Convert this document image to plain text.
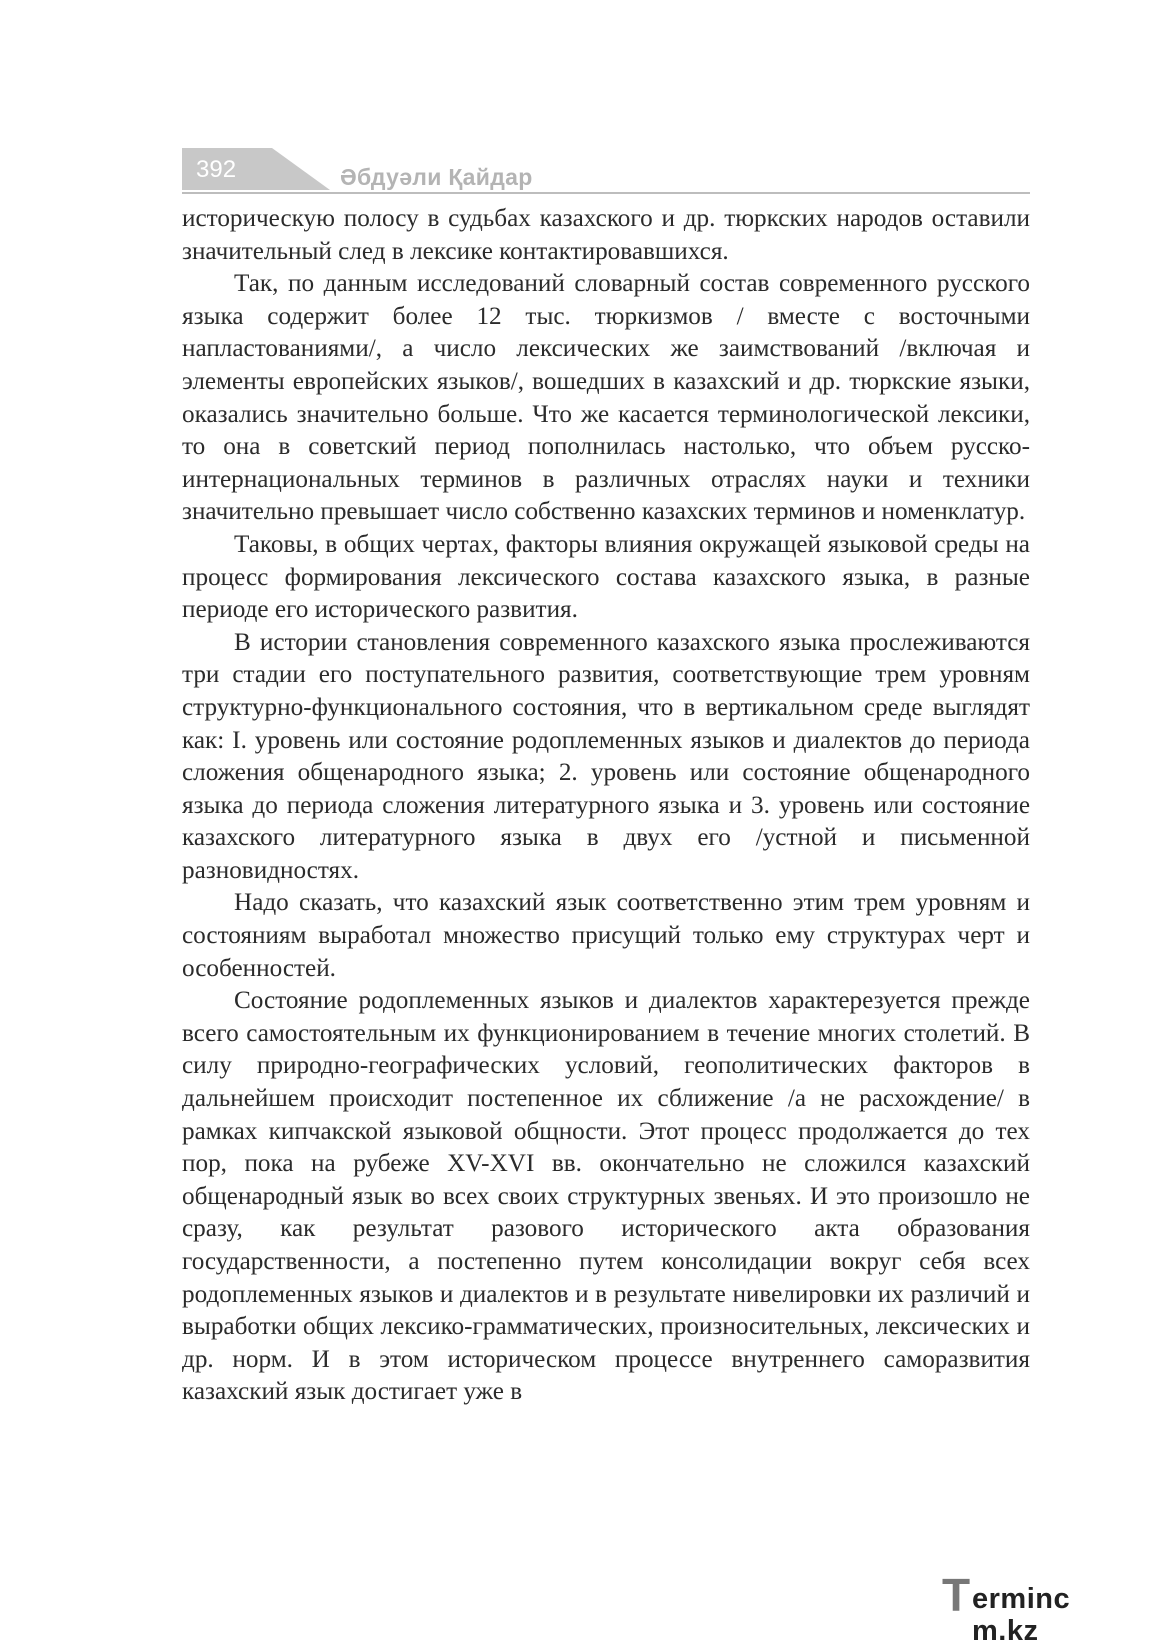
392	Әбдуәли Қайдар

историческую полосу в судьбах казахского и др. тюркских народов оставили значительный след в лексике контактировавшихся.

Так, по данным исследований словарный состав современного русского языка содержит более 12 тыс. тюркизмов / вместе с восточными напластованиями/, а число лексических же заимствований /включая и элементы европейских языков/, вошедших в казахский и др. тюркские языки, оказались значительно больше. Что же касается терминологической лексики, то она в советский период пополнилась настолько, что объем русско-интернациональных терминов в различных отраслях науки и техники значительно превышает число собственно казахских терминов и номенклатур.

Таковы, в общих чертах, факторы влияния окружащей языковой среды на процесс формирования лексического состава казахского языка, в разные периоде его исторического развития.

В истории становления современного казахского языка прослеживаются три стадии его поступательного развития, соответствующие трем уровням структурно-функционального состояния, что в вертикальном среде выглядят как: I. уровень или состояние родоплеменных языков и диалектов до периода сложения общенародного языка; 2. уровень или состояние общенародного языка до периода сложения литературного языка и 3. уровень или состояние казахского литературного языка в двух его /устной и письменной разновидностях.

Надо сказать, что казахский язык соответственно этим трем уровням и состояниям выработал множество присущий только ему структурах черт и особенностей.

Состояние родоплеменных языков и диалектов характерезуется прежде всего самостоятельным их функционированием в течение многих столетий. В силу природно-географических условий, геополитических факторов в дальнейшем происходит постепенное их сближение /а не расхождение/ в рамках кипчакской языковой общности. Этот процесс продолжается до тех пор, пока на рубеже XV-XVI вв. окончательно не сложился казахский общенародный язык во всех своих структурных звеньях. И это произошло не сразу, как результат разового исторического акта образования государственности, а постепенно путем консолидации вокруг себя всех родоплеменных языков и диалектов и в результате нивелировки их различий и выработки общих лексико-грамматических, произносительных, лексических и др. норм. И в этом историческом процессе внутреннего саморазвития казахский язык достигает уже в

T erminc m.kz
